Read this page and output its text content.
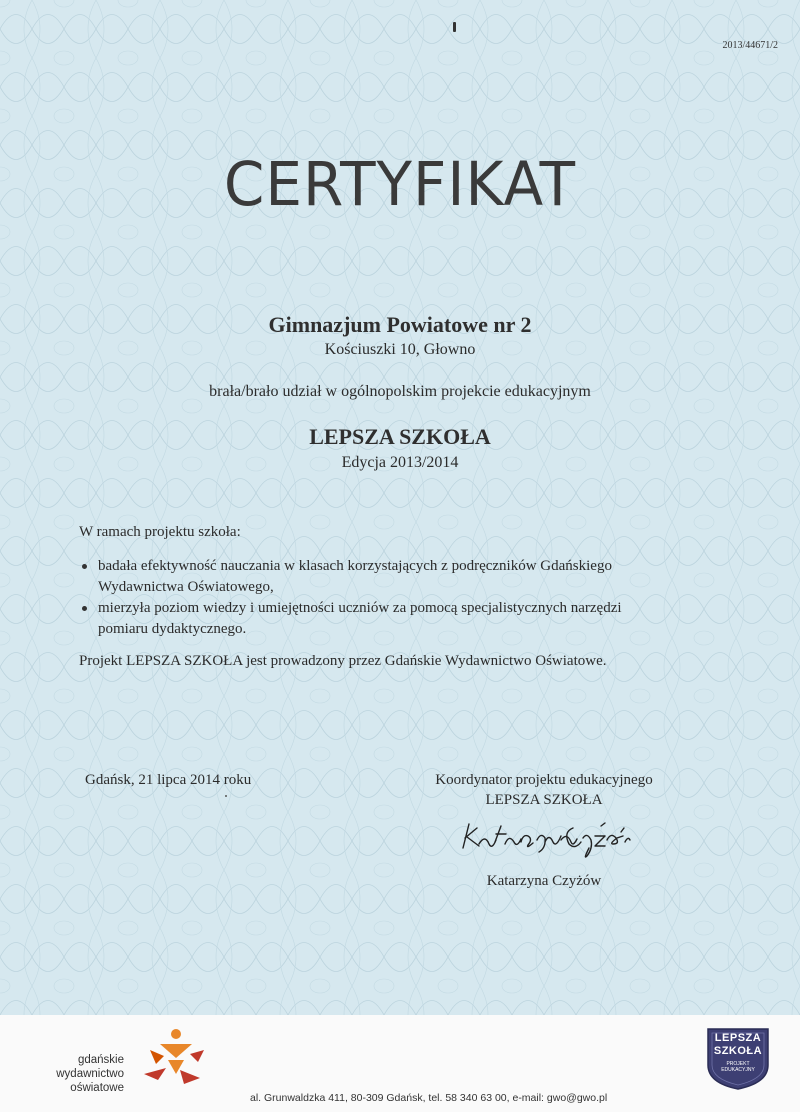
2013/44671/2
CERTYFIKAT
Gimnazjum Powiatowe nr 2
Kościuszki 10, Głowno
brała/brało udział w ogólnopolskim projekcie edukacyjnym
LEPSZA SZKOŁA
Edycja 2013/2014
W ramach projektu szkoła:
badała efektywność nauczania w klasach korzystających z podręczników Gdańskiego
Wydawnictwa Oświatowego,
mierzyła poziom wiedzy i umiejętności uczniów za pomocą specjalistycznych narzędzi
pomiaru dydaktycznego.
Projekt LEPSZA SZKOŁA jest prowadzony przez Gdańskie Wydawnictwo Oświatowe.
Gdańsk, 21 lipca 2014 roku	Koordynator projektu edukacyjnego
LEPSZA SZKOŁA
Katarzyna Czyżów
gdańskie
wydawnictwo
oświatowe
al. Grunwaldzka 411, 80-309 Gdańsk, tel. 58 340 63 00, e-mail: gwo@gwo.pl
LEPSZA
SZKOŁA
PROJEKT
EDUKACYJNY
